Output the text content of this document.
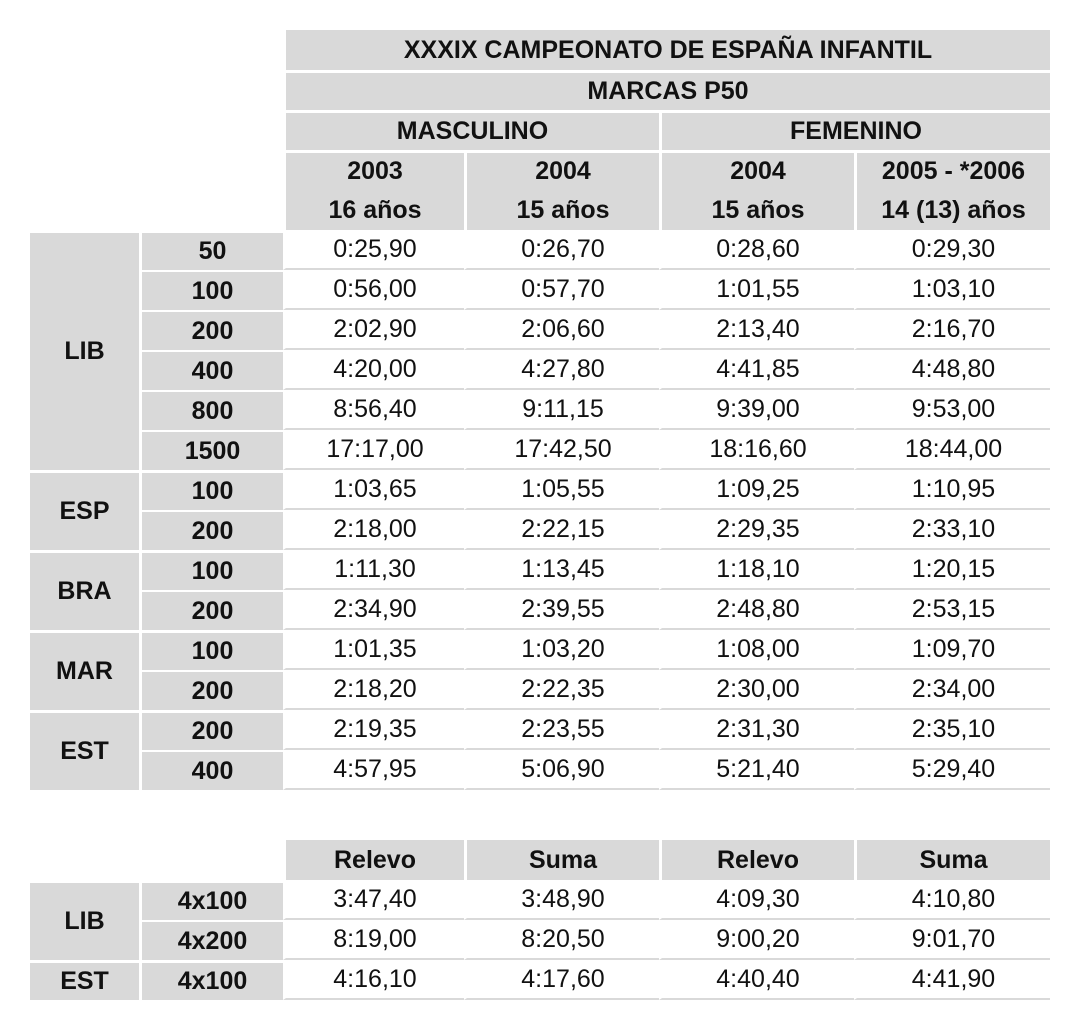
		XXXIX CAMPEONATO DE ESPAÑA INFANTIL			
		MARCAS P50			
		MASCULINO		FEMENINO	
		2003	2004	2004	2005 - *2006
		16 años	15 años	15 años	14 (13) años
LIB	50	0:25,90	0:26,70	0:28,60	0:29,30
	100	0:56,00	0:57,70	1:01,55	1:03,10
	200	2:02,90	2:06,60	2:13,40	2:16,70
	400	4:20,00	4:27,80	4:41,85	4:48,80
	800	8:56,40	9:11,15	9:39,00	9:53,00
	1500	17:17,00	17:42,50	18:16,60	18:44,00
ESP	100	1:03,65	1:05,55	1:09,25	1:10,95
	200	2:18,00	2:22,15	2:29,35	2:33,10
BRA	100	1:11,30	1:13,45	1:18,10	1:20,15
	200	2:34,90	2:39,55	2:48,80	2:53,15
MAR	100	1:01,35	1:03,20	1:08,00	1:09,70
	200	2:18,20	2:22,35	2:30,00	2:34,00
EST	200	2:19,35	2:23,55	2:31,30	2:35,10
	400	4:57,95	5:06,90	5:21,40	5:29,40
		Relevo	Suma	Relevo	Suma
LIB	4x100	3:47,40	3:48,90	4:09,30	4:10,80
	4x200	8:19,00	8:20,50	9:00,20	9:01,70
EST	4x100	4:16,10	4:17,60	4:40,40	4:41,90
